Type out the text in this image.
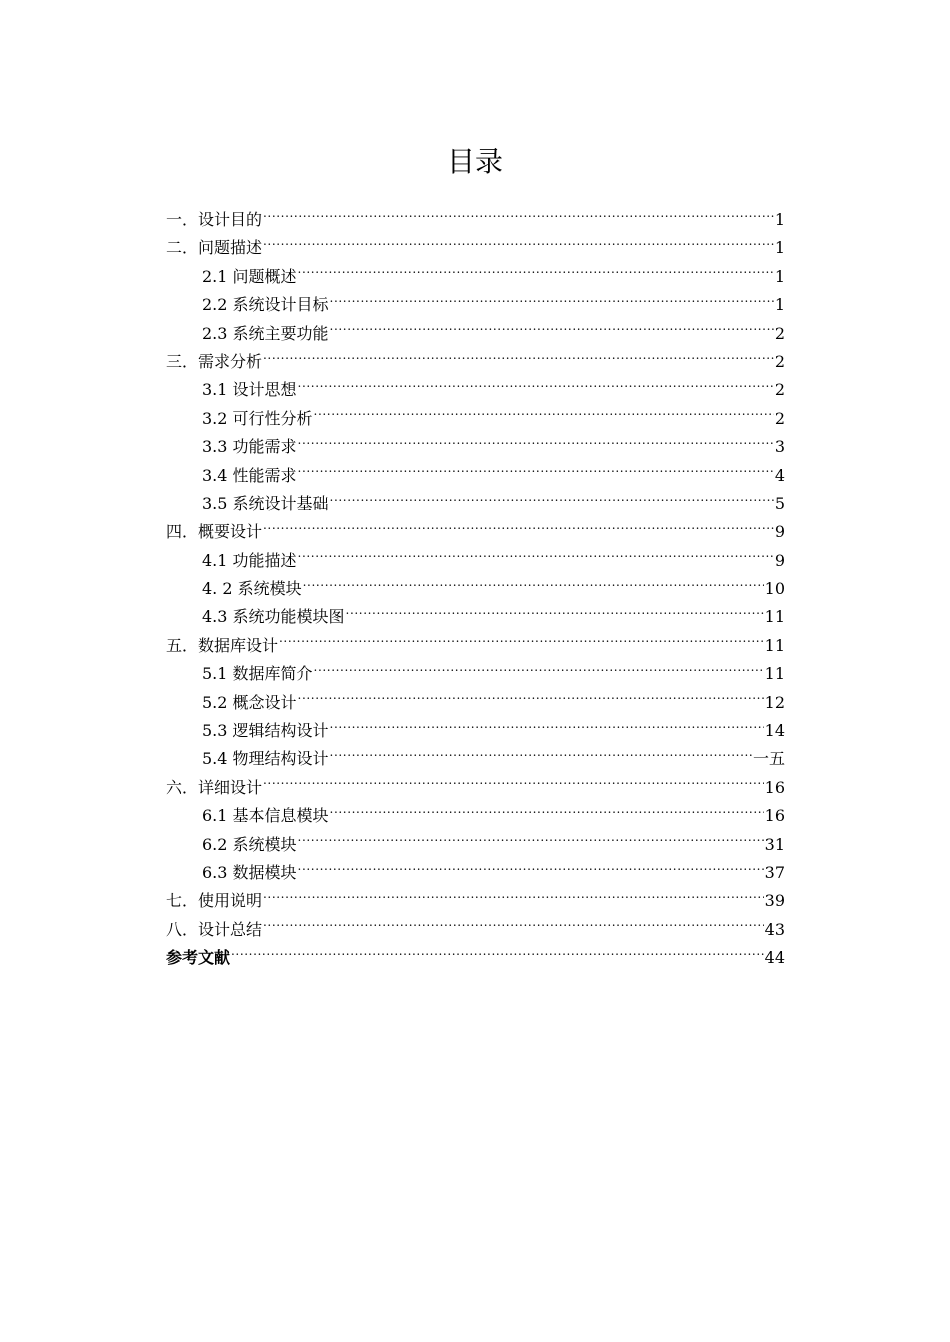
目录
一．设计目的 .....	1
二．问题描述 .....	1
2.1 问题概述 .....	1
2.2 系统设计目标 .....	1
2.3 系统主要功能 .....	2
三．需求分析 .....	2
3.1 设计思想 .....	2
3.2 可行性分析 .....	2
3.3 功能需求 .....	3
3.4 性能需求 .....	4
3.5 系统设计基础 .....	5
四．概要设计 .....	9
4.1 功能描述 .....	9
4. 2 系统模块 .....	10
4.3 系统功能模块图 .....	11
五．数据库设计 .....	11
5.1 数据库简介 .....	11
5.2 概念设计 .....	12
5.3 逻辑结构设计 .....	14
5.4 物理结构设计 .....	一五
六．详细设计 .....	16
6.1 基本信息模块 .....	16
6.2 系统模块 .....	31
6.3 数据模块 .....	37
七．使用说明 .....	39
八．设计总结 .....	43
参考文献 .....	44
